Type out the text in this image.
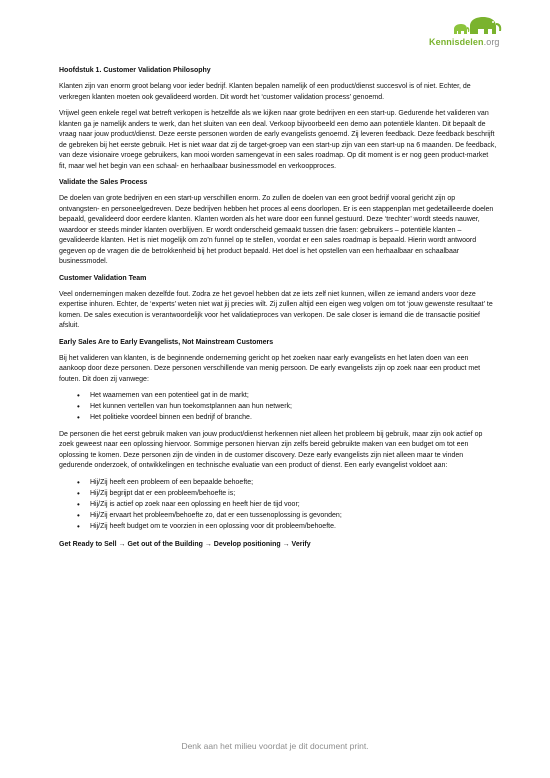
Kennisdelen.org
Hoofdstuk 1. Customer Validation Philosophy

Klanten zijn van enorm groot belang voor ieder bedrijf. Klanten bepalen namelijk of een product/dienst succesvol is of niet. Echter, de verkregen klanten moeten ook gevalideerd worden. Dit wordt het ‘customer validation process’ genoemd.

Vrijwel geen enkele regel wat betreft verkopen is hetzelfde als we kijken naar grote bedrijven en een start-up. Gedurende het valideren van klanten ga je namelijk anders te werk, dan het sluiten van een deal. Verkoop bijvoorbeeld een demo aan potentiële klanten. Dit bepaalt de vraag naar jouw product/dienst. Deze eerste personen worden de early evangelists genoemd. Zij leveren feedback. Deze feedback beschrijft de gebreken bij het eerste gebruik. Het is niet waar dat zij de target-groep van een start-up zijn van een start-up na 6 maanden. De feedback, van deze visionaire vroege gebruikers, kan mooi worden samengevat in een sales roadmap. Op dit moment is er nog geen product-market fit, maar wel het begin van een schaal- en herhaalbaar businessmodel en verkoopproces.

Validate the Sales Process

De doelen van grote bedrijven en een start-up verschillen enorm. Zo zullen de doelen van een groot bedrijf vooral gericht zijn op ontvangsten- en personeelgedreven. Deze bedrijven hebben het proces al eens doorlopen. Er is een stappenplan met gedetailleerde doelen bepaald, gevalideerd door eerdere klanten. Klanten worden als het ware door een funnel gestuurd. Deze ‘trechter’ wordt steeds nauwer, waardoor er steeds minder klanten overblijven. Er wordt onderscheid gemaakt tussen drie fasen: gebruikers – potentiële klanten – gevalideerde klanten. Het is niet mogelijk om zo’n funnel op te stellen, voordat er een sales roadmap is bepaald. Hierin wordt antwoord gegeven op de vragen die de betrokkenheid bij het product bepaald. Het doel is het opstellen van een herhaalbaar en schaalbaar businessmodel.

Customer Validation Team

Veel ondernemingen maken dezelfde fout. Zodra ze het gevoel hebben dat ze iets zelf niet kunnen, willen ze iemand anders voor deze expertise inhuren. Echter, de ‘experts’ weten niet wat jij precies wilt. Zij zullen altijd een eigen weg volgen om tot ‘jouw gewenste resultaat’ te komen. De sales execution is verantwoordelijk voor het validatieproces van verkopen. De sale closer is iemand die de transactie positief afsluit.

Early Sales Are to Early Evangelists, Not Mainstream Customers

Bij het valideren van klanten, is de beginnende onderneming gericht op het zoeken naar early evangelists en het laten doen van een aankoop door deze personen. Deze personen verschillende van menig persoon. De early evangelists zijn op zoek naar een product met fouten. Dit doen zij vanwege:

• Het waarnemen van een potentieel gat in de markt;
• Het kunnen vertellen van hun toekomstplannen aan hun netwerk;
• Het politieke voordeel binnen een bedrijf of branche.

De personen die het eerst gebruik maken van jouw product/dienst herkennen niet alleen het probleem bij gebruik, maar zijn ook actief op zoek geweest naar een oplossing hiervoor. Sommige personen hiervan zijn zelfs bereid gebruikte maken van een budget om tot een oplossing te komen. Deze personen zijn de vinden in de customer discovery. Deze early evangelists zijn niet alleen maar te vinden gedurende onderzoek, of ontwikkelingen en technische evaluatie van een product of dienst. Een early evangelist voldoet aan:

• Hij/Zij heeft een probleem of een bepaalde behoefte;
• Hij/Zij begrijpt dat er een probleem/behoefte is;
• Hij/Zij is actief op zoek naar een oplossing en heeft hier de tijd voor;
• Hij/Zij ervaart het probleem/behoefte zo, dat er een tussenoplossing is gevonden;
• Hij/Zij heeft budget om te voorzien in een oplossing voor dit probleem/behoefte.

Get Ready to Sell → Get out of the Building → Develop positioning → Verify

Denk aan het milieu voordat je dit document print.
